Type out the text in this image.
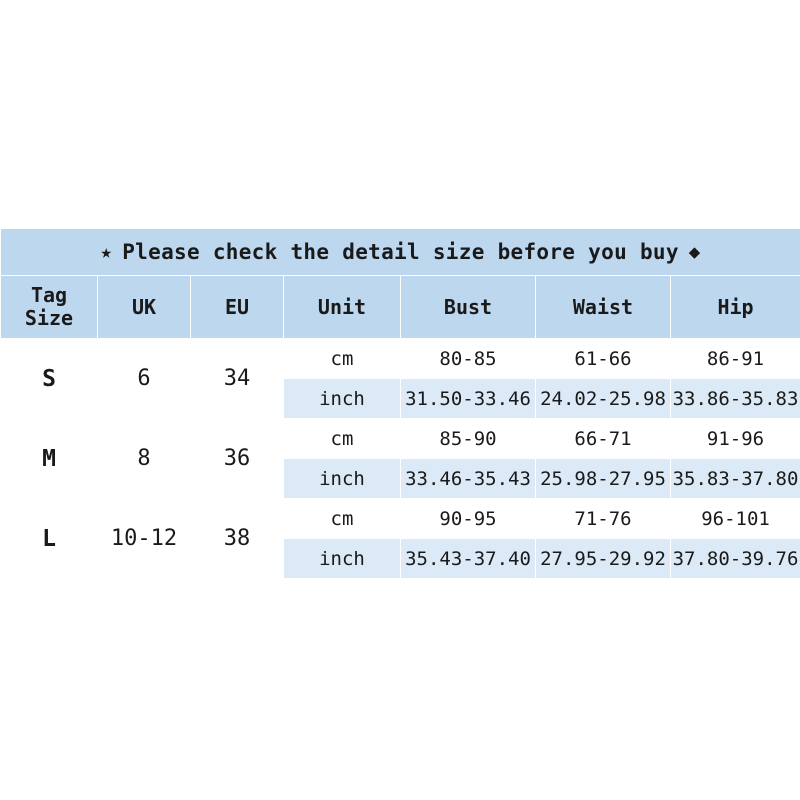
★ Please check the detail size before you buy ◆						

Tag
Size	UK	EU	Unit	Bust	Waist	Hip
S	6	34	cm	80-85	61-66	86-91
			inch	31.50-33.46	24.02-25.98	33.86-35.83
M	8	36	cm	85-90	66-71	91-96
			inch	33.46-35.43	25.98-27.95	35.83-37.80
L	10-12	38	cm	90-95	71-76	96-101
			inch	35.43-37.40	27.95-29.92	37.80-39.76
